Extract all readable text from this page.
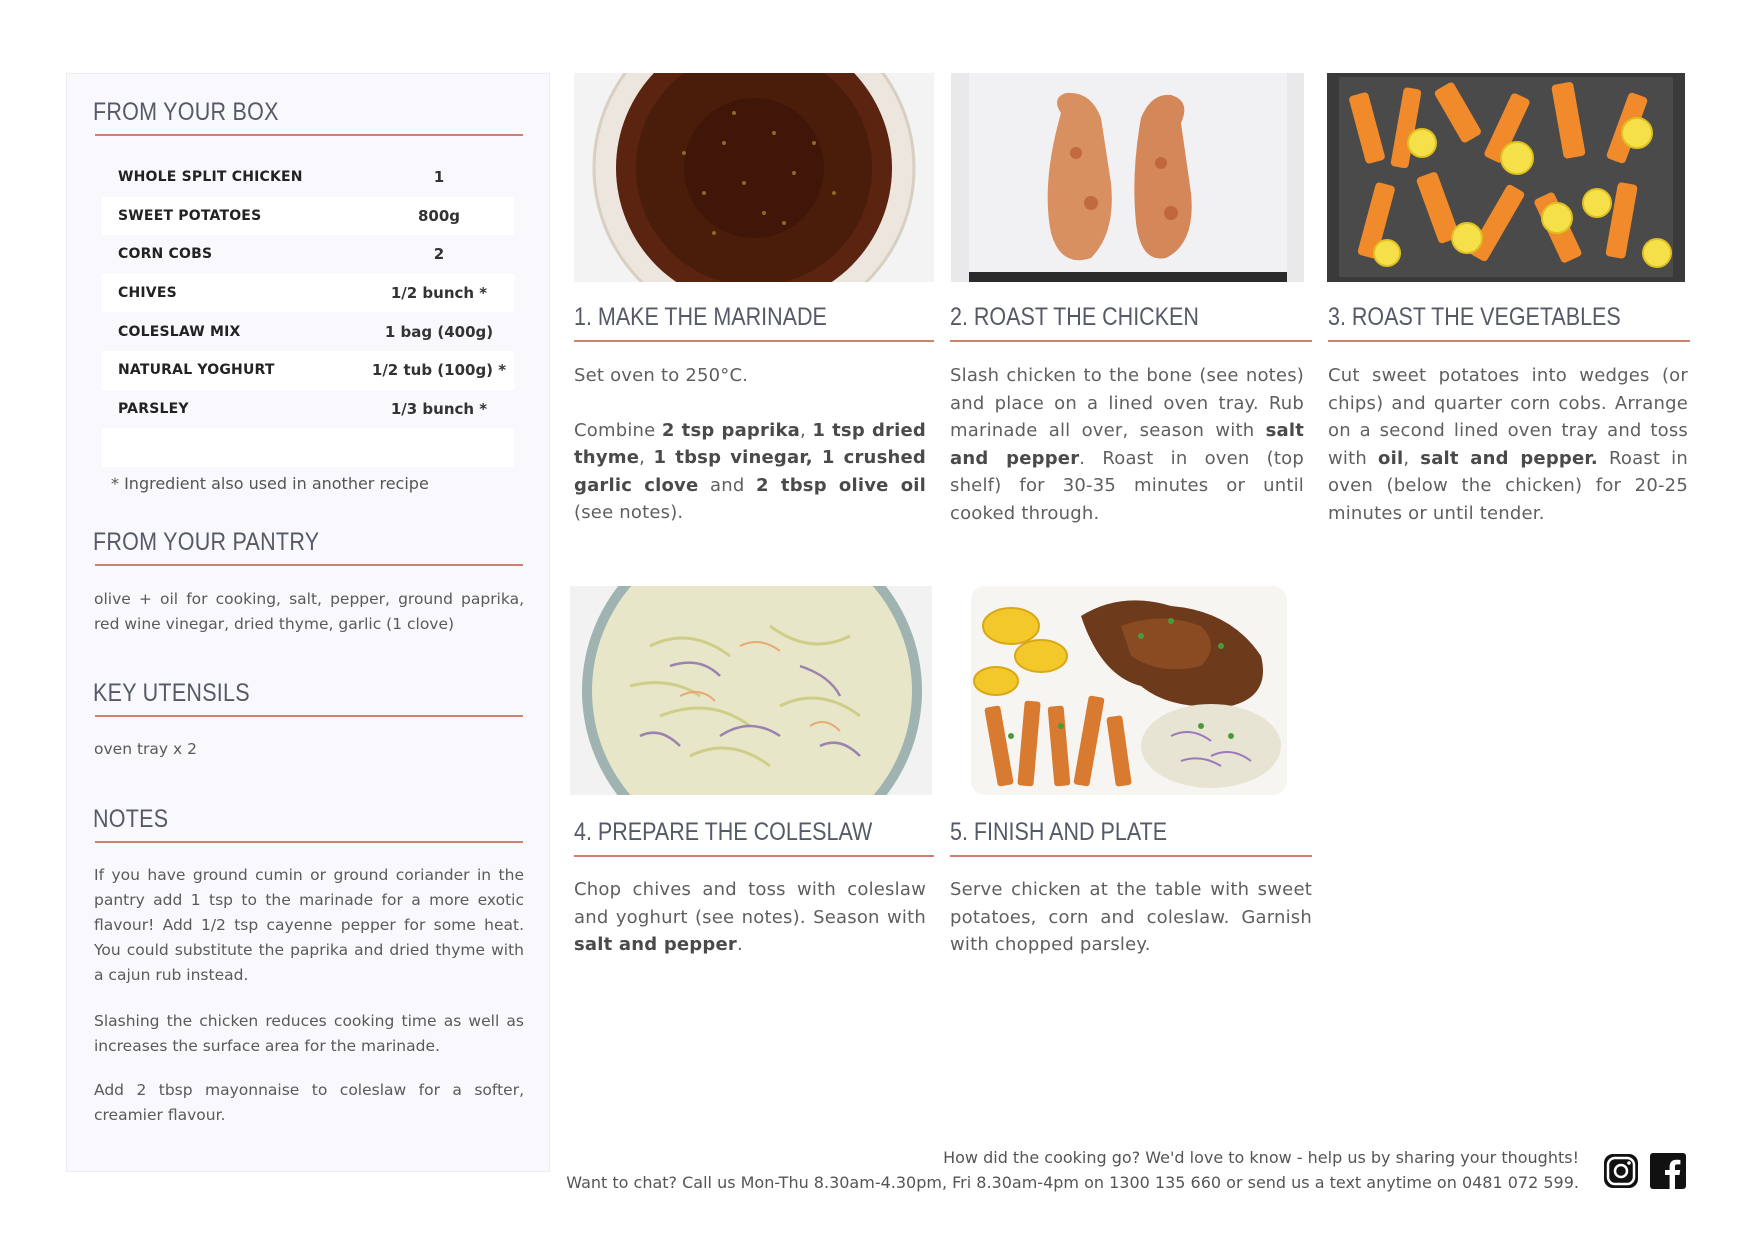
FROM YOUR BOX
WHOLE SPLIT CHICKEN	1
SWEET POTATOES	800g
CORN COBS	2
CHIVES	1/2 bunch *
COLESLAW MIX	1 bag (400g)
NATURAL YOGHURT	1/2 tub (100g) *
PARSLEY	1/3 bunch *
* Ingredient also used in another recipe
FROM YOUR PANTRY
olive + oil for cooking, salt, pepper, ground paprika, red wine vinegar, dried thyme, garlic (1 clove)
KEY UTENSILS
oven tray x 2
NOTES
If you have ground cumin or ground coriander in the pantry add 1 tsp to the marinade for a more exotic flavour! Add 1/2 tsp cayenne pepper for some heat. You could substitute the paprika and dried thyme with a cajun rub instead.
Slashing the chicken reduces cooking time as well as increases the surface area for the marinade.
Add 2 tbsp mayonnaise to coleslaw for a softer, creamier flavour.
1. MAKE THE MARINADE	2. ROAST THE CHICKEN	3. ROAST THE VEGETABLES
4. PREPARE THE COLESLAW	5. FINISH AND PLATE

Set oven to 250°C.

Combine 2 tsp paprika, 1 tsp dried thyme, 1 tbsp vinegar, 1 crushed garlic clove and 2 tbsp olive oil (see notes).

Slash chicken to the bone (see notes) and place on a lined oven tray. Rub marinade all over, season with salt and pepper. Roast in oven (top shelf) for 30-35 minutes or until cooked through.

Cut sweet potatoes into wedges (or chips) and quarter corn cobs. Arrange on a second lined oven tray and toss with oil, salt and pepper. Roast in oven (below the chicken) for 20-25 minutes or until tender.

Chop chives and toss with coleslaw and yoghurt (see notes). Season with salt and pepper.

Serve chicken at the table with sweet potatoes, corn and coleslaw. Garnish with chopped parsley.

How did the cooking go? We'd love to know - help us by sharing your thoughts!
Want to chat? Call us Mon-Thu 8.30am-4.30pm, Fri 8.30am-4pm on 1300 135 660 or send us a text anytime on 0481 072 599.
